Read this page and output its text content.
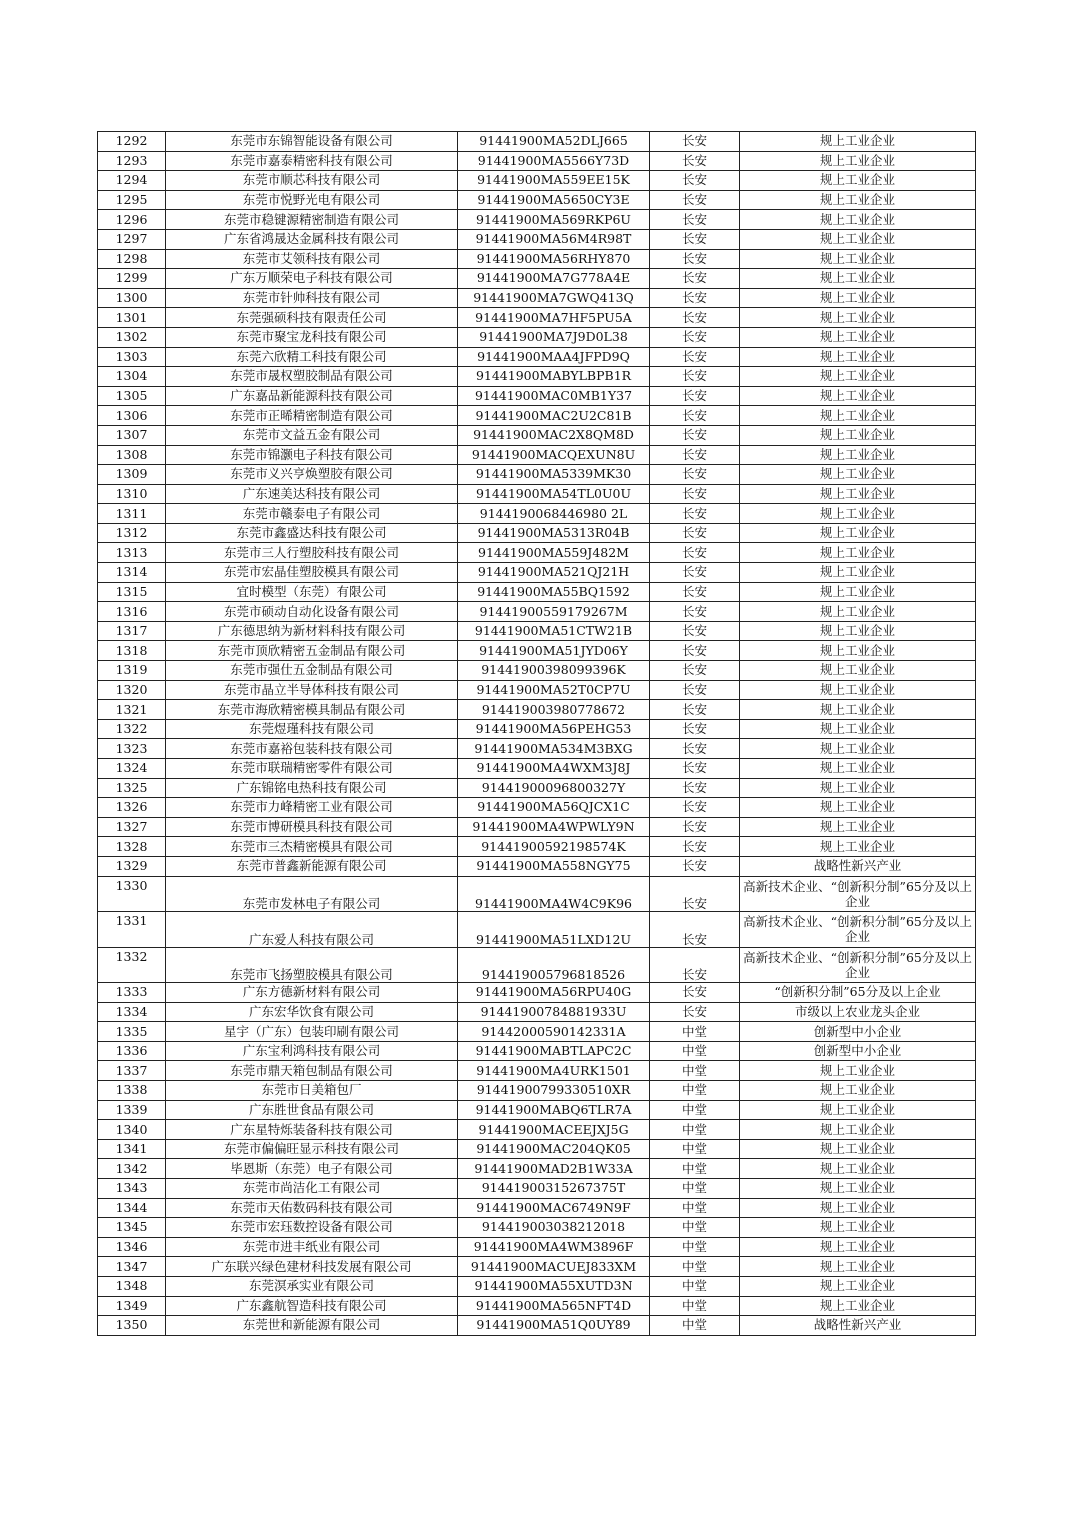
1292	东莞市东锦智能设备有限公司	91441900MA52DLJ665	长安	规上工业企业
1293	东莞市嘉泰精密科技有限公司	91441900MA5566Y73D	长安	规上工业企业
1294	东莞市顺芯科技有限公司	91441900MA559EE15K	长安	规上工业企业
1295	东莞市悦野光电有限公司	91441900MA5650CY3E	长安	规上工业企业
1296	东莞市稳键源精密制造有限公司	91441900MA569RKP6U	长安	规上工业企业
1297	广东省鸿晟达金属科技有限公司	91441900MA56M4R98T	长安	规上工业企业
1298	东莞市艾领科技有限公司	91441900MA56RHY870	长安	规上工业企业
1299	广东万顺荣电子科技有限公司	91441900MA7G778A4E	长安	规上工业企业
1300	东莞市针帅科技有限公司	91441900MA7GWQ413Q	长安	规上工业企业
1301	东莞强硕科技有限责任公司	91441900MA7HF5PU5A	长安	规上工业企业
1302	东莞市聚宝龙科技有限公司	91441900MA7J9D0L38	长安	规上工业企业
1303	东莞六欣精工科技有限公司	91441900MAA4JFPD9Q	长安	规上工业企业
1304	东莞市晟权塑胶制品有限公司	91441900MABYLBPB1R	长安	规上工业企业
1305	广东嘉品新能源科技有限公司	91441900MAC0MB1Y37	长安	规上工业企业
1306	东莞市正晞精密制造有限公司	91441900MAC2U2C81B	长安	规上工业企业
1307	东莞市文益五金有限公司	91441900MAC2X8QM8D	长安	规上工业企业
1308	东莞市锦灏电子科技有限公司	91441900MACQEXUN8U	长安	规上工业企业
1309	东莞市义兴亨焕塑胶有限公司	91441900MA5339MK30	长安	规上工业企业
1310	广东速美达科技有限公司	91441900MA54TL0U0U	长安	规上工业企业
1311	东莞市赣泰电子有限公司	9144190068446980 2L	长安	规上工业企业
1312	东莞市鑫盛达科技有限公司	91441900MA5313R04B	长安	规上工业企业
1313	东莞市三人行塑胶科技有限公司	91441900MA559J482M	长安	规上工业企业
1314	东莞市宏晶佳塑胶模具有限公司	91441900MA521QJ21H	长安	规上工业企业
1315	宜时模型（东莞）有限公司	91441900MA55BQ1592	长安	规上工业企业
1316	东莞市硕动自动化设备有限公司	91441900559179267M	长安	规上工业企业
1317	广东德思纳为新材料科技有限公司	91441900MA51CTW21B	长安	规上工业企业
1318	东莞市顶欣精密五金制品有限公司	91441900MA51JYD06Y	长安	规上工业企业
1319	东莞市强仕五金制品有限公司	91441900398099396K	长安	规上工业企业
1320	东莞市晶立半导体科技有限公司	91441900MA52T0CP7U	长安	规上工业企业
1321	东莞市海欣精密模具制品有限公司	914419003980778672	长安	规上工业企业
1322	东莞煜瑾科技有限公司	91441900MA56PEHG53	长安	规上工业企业
1323	东莞市嘉裕包装科技有限公司	91441900MA534M3BXG	长安	规上工业企业
1324	东莞市联瑞精密零件有限公司	91441900MA4WXM3J8J	长安	规上工业企业
1325	广东锦铭电热科技有限公司	91441900096800327Y	长安	规上工业企业
1326	东莞市力峰精密工业有限公司	91441900MA56QJCX1C	长安	规上工业企业
1327	东莞市博研模具科技有限公司	91441900MA4WPWLY9N	长安	规上工业企业
1328	东莞市三杰精密模具有限公司	91441900592198574K	长安	规上工业企业
1329	东莞市普鑫新能源有限公司	91441900MA558NGY75	长安	战略性新兴产业
1330	东莞市发林电子有限公司	91441900MA4W4C9K96	长安	高新技术企业、“创新积分制”65分及以上企业
1331	广东爱人科技有限公司	91441900MA51LXD12U	长安	高新技术企业、“创新积分制”65分及以上企业
1332	东莞市飞扬塑胶模具有限公司	914419005796818526	长安	高新技术企业、“创新积分制”65分及以上企业
1333	广东方德新材料有限公司	91441900MA56RPU40G	长安	“创新积分制”65分及以上企业
1334	广东宏华饮食有限公司	91441900784881933U	长安	市级以上农业龙头企业
1335	星宇（广东）包装印刷有限公司	91442000590142331A	中堂	创新型中小企业
1336	广东宝利鸿科技有限公司	91441900MABTLAPC2C	中堂	创新型中小企业
1337	东莞市鼎天箱包制品有限公司	91441900MA4URK1501	中堂	规上工业企业
1338	东莞市日美箱包厂	91441900799330510XR	中堂	规上工业企业
1339	广东胜世食品有限公司	91441900MABQ6TLR7A	中堂	规上工业企业
1340	广东星特烁装备科技有限公司	91441900MACEEJXJ5G	中堂	规上工业企业
1341	东莞市偏偏旺显示科技有限公司	91441900MAC204QK05	中堂	规上工业企业
1342	毕恩斯（东莞）电子有限公司	91441900MAD2B1W33A	中堂	规上工业企业
1343	东莞市尚洁化工有限公司	91441900315267375T	中堂	规上工业企业
1344	东莞市天佑数码科技有限公司	91441900MAC6749N9F	中堂	规上工业企业
1345	东莞市宏珏数控设备有限公司	914419003038212018	中堂	规上工业企业
1346	东莞市进丰纸业有限公司	91441900MA4WM3896F	中堂	规上工业企业
1347	广东联兴绿色建材科技发展有限公司	91441900MACUEJ833XM	中堂	规上工业企业
1348	东莞溟承实业有限公司	91441900MA55XUTD3N	中堂	规上工业企业
1349	广东鑫航智造科技有限公司	91441900MA565NFT4D	中堂	规上工业企业
1350	东莞世和新能源有限公司	91441900MA51Q0UY89	中堂	战略性新兴产业
